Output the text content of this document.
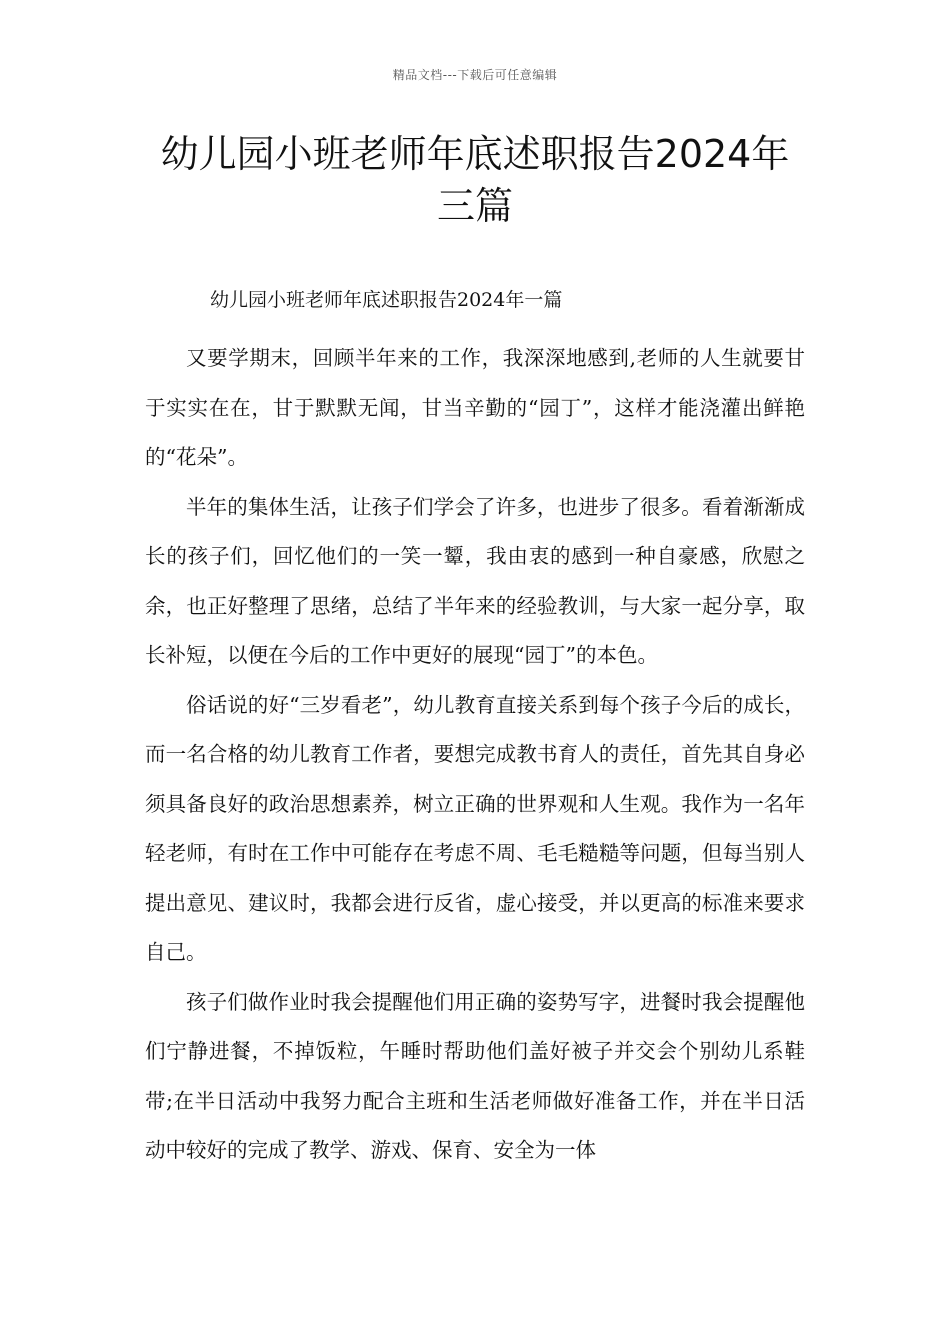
精品文档---下载后可任意编辑
幼儿园小班老师年底述职报告2024年三篇
幼儿园小班老师年底述职报告2024年一篇

又要学期末，回顾半年来的工作，我深深地感到,老师的人生就要甘于实实在在，甘于默默无闻，甘当辛勤的“园丁”，这样才能浇灌出鲜艳的“花朵”。

半年的集体生活，让孩子们学会了许多，也进步了很多。看着渐渐成长的孩子们，回忆他们的一笑一颦，我由衷的感到一种自豪感，欣慰之余，也正好整理了思绪，总结了半年来的经验教训，与大家一起分享，取长补短，以便在今后的工作中更好的展现“园丁”的本色。

俗话说的好“三岁看老”，幼儿教育直接关系到每个孩子今后的成长，而一名合格的幼儿教育工作者，要想完成教书育人的责任，首先其自身必须具备良好的政治思想素养，树立正确的世界观和人生观。我作为一名年轻老师，有时在工作中可能存在考虑不周、毛毛糙糙等问题，但每当别人提出意见、建议时，我都会进行反省，虚心接受，并以更高的标准来要求自己。

孩子们做作业时我会提醒他们用正确的姿势写字，进餐时我会提醒他们宁静进餐，不掉饭粒，午睡时帮助他们盖好被子并交会个别幼儿系鞋带;在半日活动中我努力配合主班和生活老师做好准备工作，并在半日活动中较好的完成了教学、游戏、保育、安全为一体
